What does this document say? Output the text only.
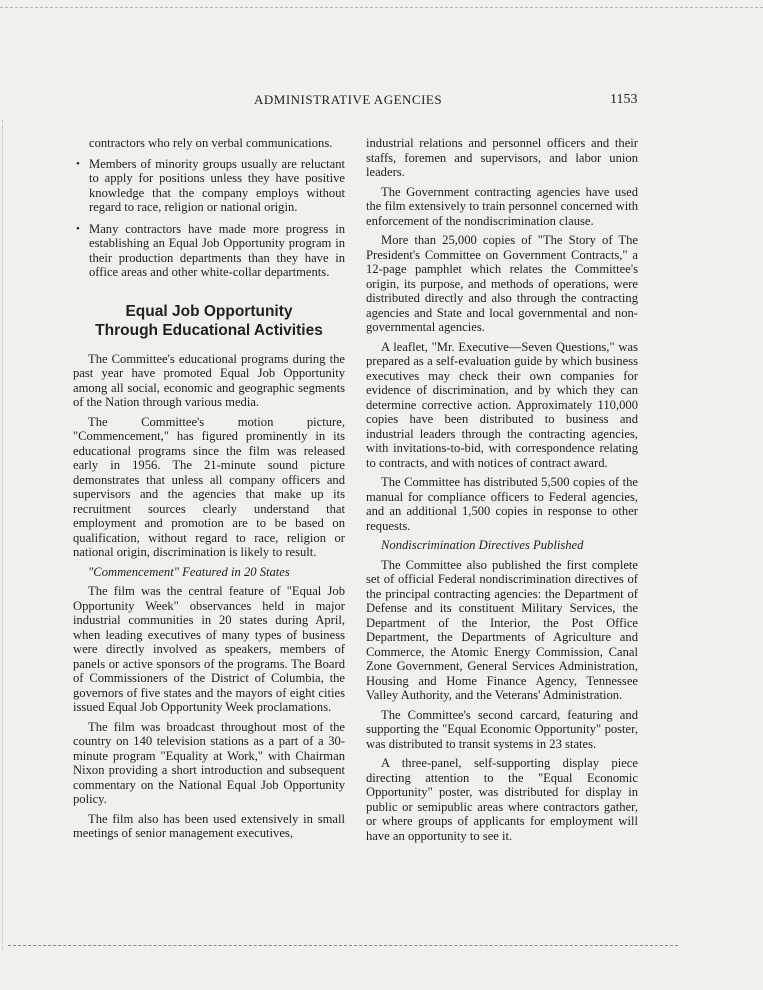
ADMINISTRATIVE AGENCIES	1153

contractors who rely on verbal communications.

• Members of minority groups usually are reluctant to apply for positions unless they have positive knowledge that the company employs without regard to race, religion or national origin.
• Many contractors have made more progress in establishing an Equal Job Opportunity program in their production departments than they have in office areas and other white-collar departments.
Equal Job Opportunity
Through Educational Activities

The Committee's educational programs during the past year have promoted Equal Job Opportunity among all social, economic and geographic segments of the Nation through various media.

The Committee's motion picture, "Commencement," has figured prominently in its educational programs since the film was released early in 1956. The 21-minute sound picture demonstrates that unless all company officers and supervisors and the agencies that make up its recruitment sources clearly understand that employment and promotion are to be based on qualification, without regard to race, religion or national origin, discrimination is likely to result.

"Commencement" Featured in 20 States

The film was the central feature of "Equal Job Opportunity Week" observances held in major industrial communities in 20 states during April, when leading executives of many types of business were directly involved as speakers, members of panels or active sponsors of the programs. The Board of Commissioners of the District of Columbia, the governors of five states and the mayors of eight cities issued Equal Job Opportunity Week proclamations.

The film was broadcast throughout most of the country on 140 television stations as a part of a 30-minute program "Equality at Work," with Chairman Nixon providing a short introduction and subsequent commentary on the National Equal Job Opportunity policy.

The film also has been used extensively in small meetings of senior management executives,

industrial relations and personnel officers and their staffs, foremen and supervisors, and labor union leaders.

The Government contracting agencies have used the film extensively to train personnel concerned with enforcement of the nondiscrimination clause.

More than 25,000 copies of "The Story of The President's Committee on Government Contracts," a 12-page pamphlet which relates the Committee's origin, its purpose, and methods of operations, were distributed directly and also through the contracting agencies and State and local governmental and non-governmental agencies.

A leaflet, "Mr. Executive—Seven Questions," was prepared as a self-evaluation guide by which business executives may check their own companies for evidence of discrimination, and by which they can determine corrective action. Approximately 110,000 copies have been distributed to business and industrial leaders through the contracting agencies, with invitations-to-bid, with correspondence relating to contracts, and with notices of contract award.

The Committee has distributed 5,500 copies of the manual for compliance officers to Federal agencies, and an additional 1,500 copies in response to other requests.

Nondiscrimination Directives Published

The Committee also published the first complete set of official Federal nondiscrimination directives of the principal contracting agencies: the Department of Defense and its constituent Military Services, the Department of the Interior, the Post Office Department, the Departments of Agriculture and Commerce, the Atomic Energy Commission, Canal Zone Government, General Services Administration, Housing and Home Finance Agency, Tennessee Valley Authority, and the Veterans' Administration.

The Committee's second carcard, featuring and supporting the "Equal Economic Opportunity" poster, was distributed to transit systems in 23 states.

A three-panel, self-supporting display piece directing attention to the "Equal Economic Opportunity" poster, was distributed for display in public or semipublic areas where contractors gather, or where groups of applicants for employment will have an opportunity to see it.
